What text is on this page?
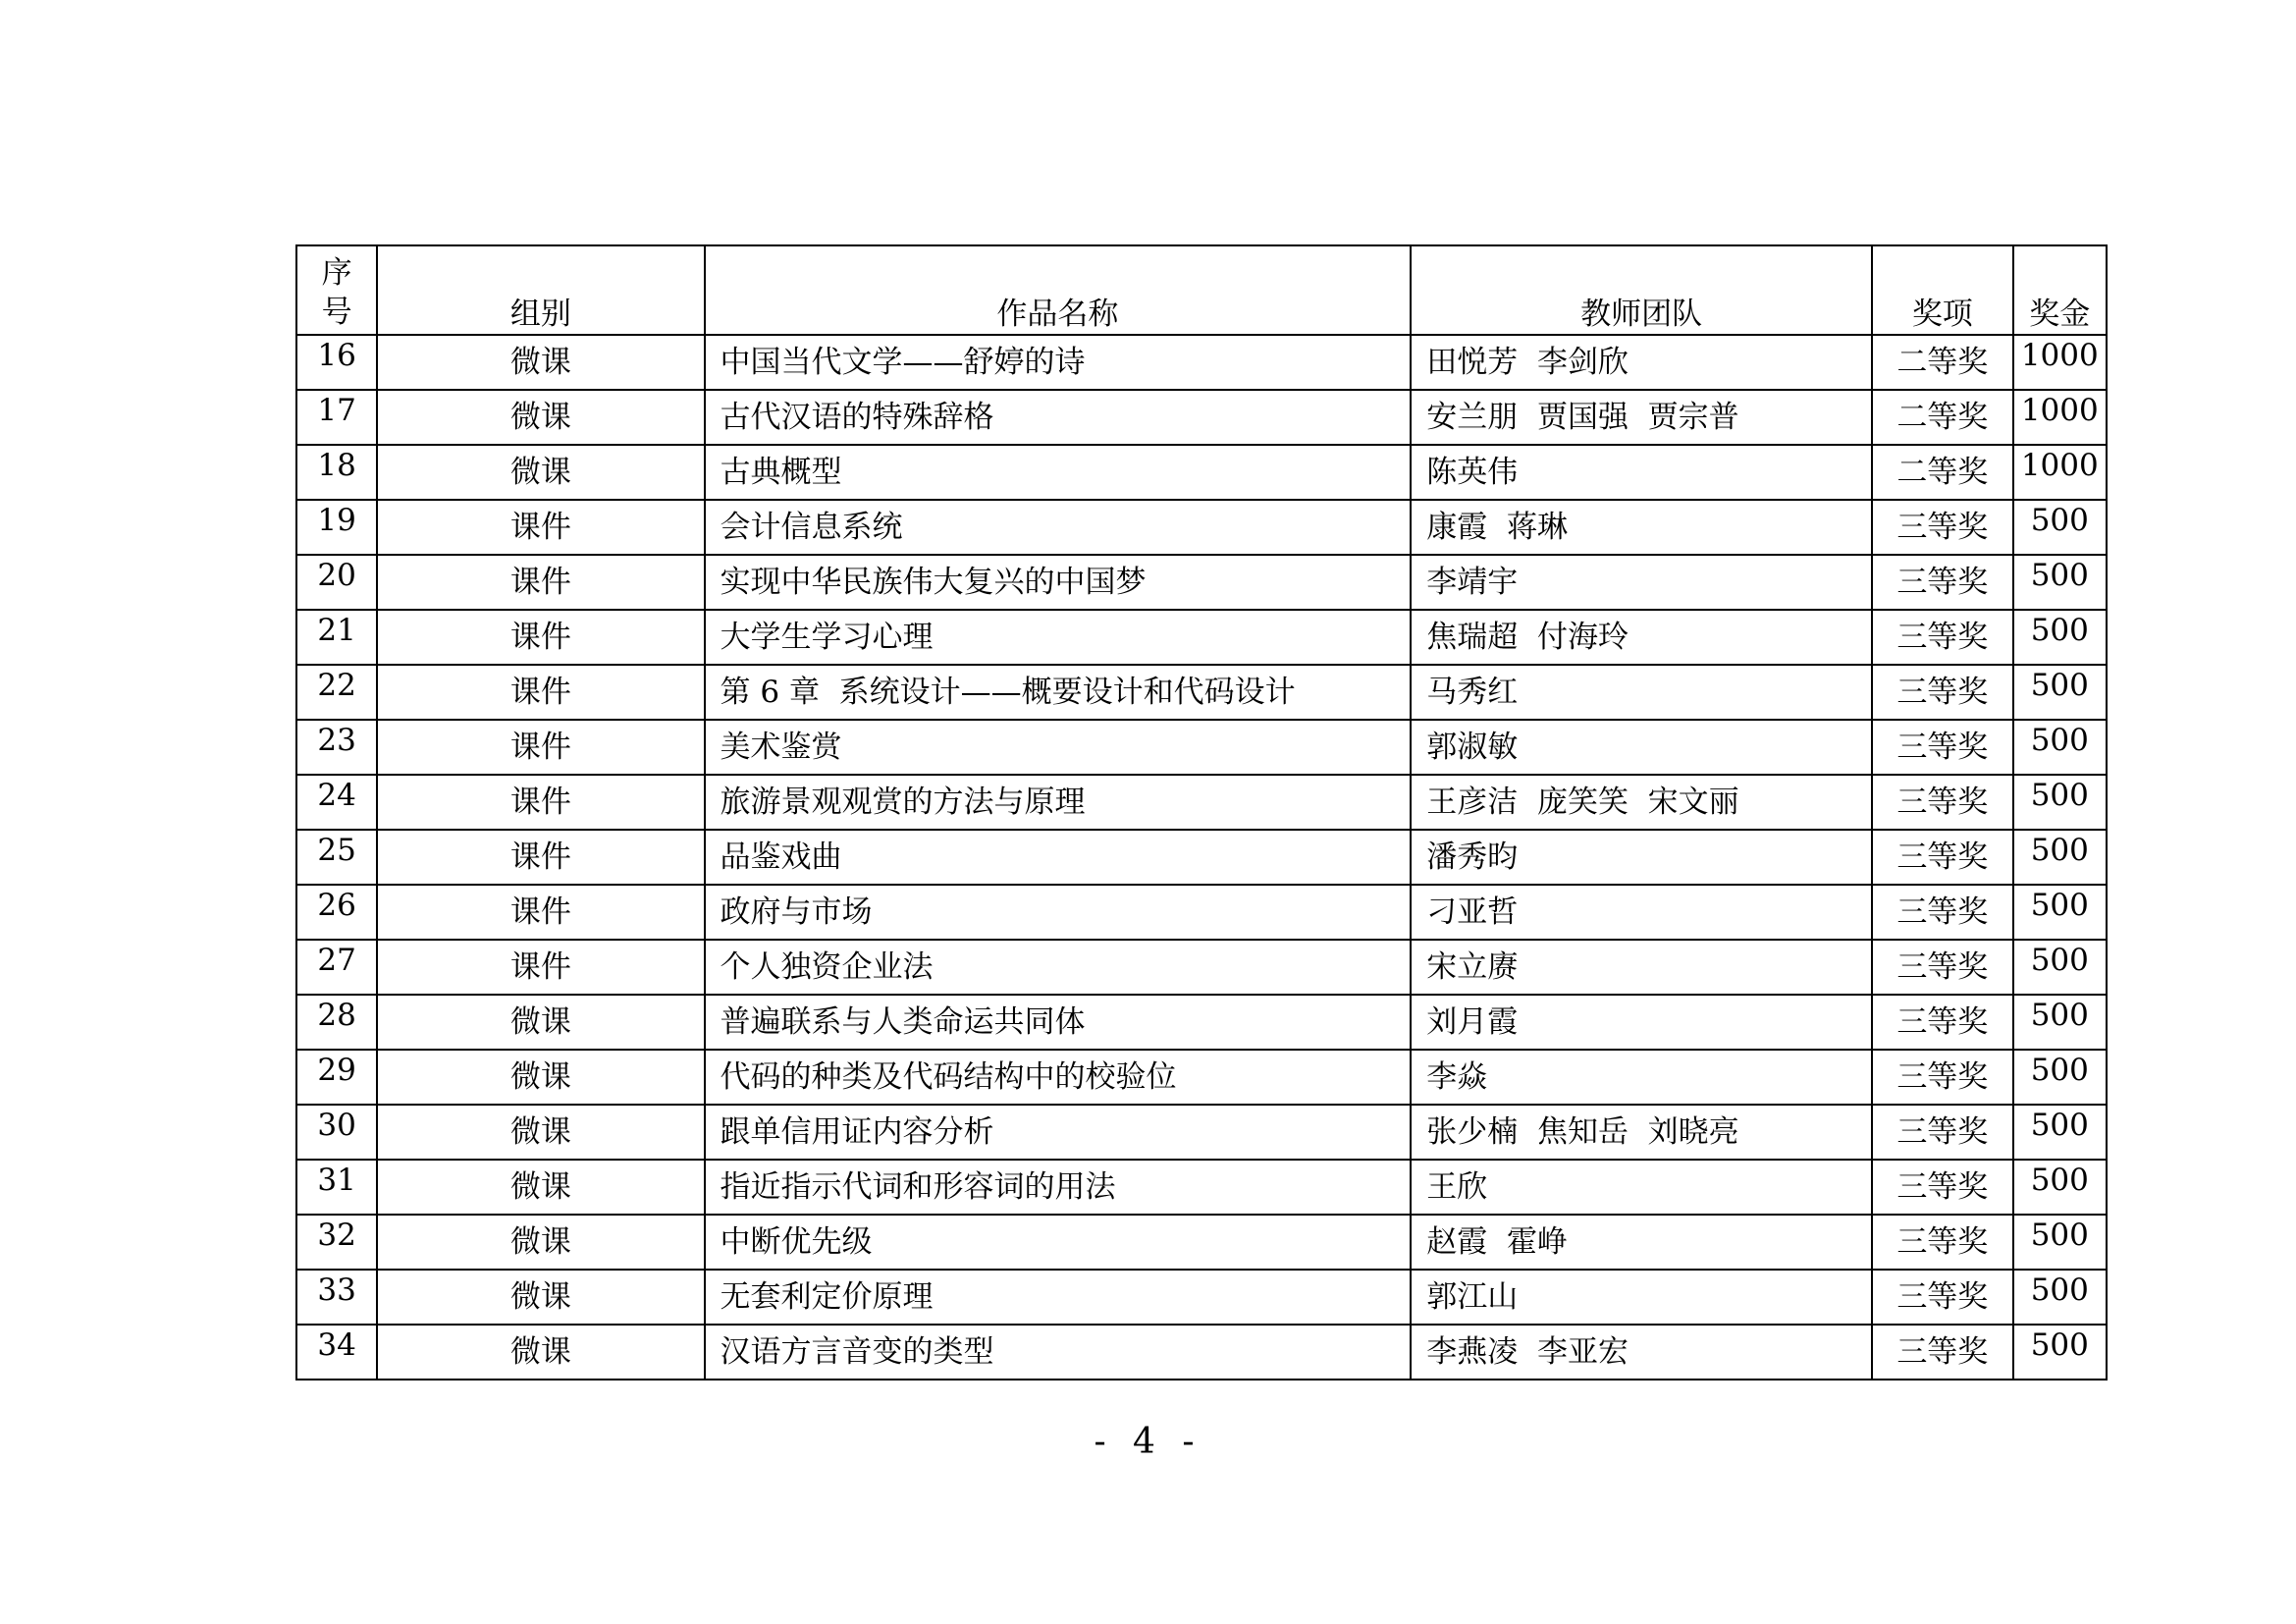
序
号	组别	作品名称	教师团队	奖项	奖金
16	微课	中国当代文学——舒婷的诗	田悦芳  李剑欣	二等奖	1000
17	微课	古代汉语的特殊辞格	安兰朋  贾国强  贾宗普	二等奖	1000
18	微课	古典概型	陈英伟	二等奖	1000
19	课件	会计信息系统	康霞  蒋琳	三等奖	500
20	课件	实现中华民族伟大复兴的中国梦	李靖宇	三等奖	500
21	课件	大学生学习心理	焦瑞超  付海玲	三等奖	500
22	课件	第 6 章  系统设计——概要设计和代码设计	马秀红	三等奖	500
23	课件	美术鉴赏	郭淑敏	三等奖	500
24	课件	旅游景观观赏的方法与原理	王彦洁  庞笑笑  宋文丽	三等奖	500
25	课件	品鉴戏曲	潘秀昀	三等奖	500
26	课件	政府与市场	刁亚哲	三等奖	500
27	课件	个人独资企业法	宋立赓	三等奖	500
28	微课	普遍联系与人类命运共同体	刘月霞	三等奖	500
29	微课	代码的种类及代码结构中的校验位	李焱	三等奖	500
30	微课	跟单信用证内容分析	张少楠  焦知岳  刘晓亮	三等奖	500
31	微课	指近指示代词和形容词的用法	王欣	三等奖	500
32	微课	中断优先级	赵霞  霍峥	三等奖	500
33	微课	无套利定价原理	郭江山	三等奖	500
34	微课	汉语方言音变的类型	李燕凌  李亚宏	三等奖	500
- 4 -
